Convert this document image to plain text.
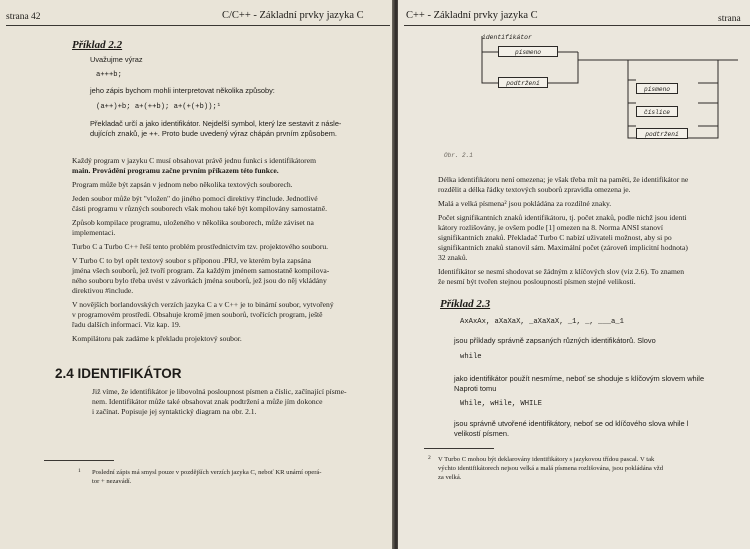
strana 42	C/C++ - Základní prvky jazyka C
Příklad 2.2
Uvažujme výraz
a+++b;
jeho zápis bychom mohli interpretovat několika způsoby:
(a++)+b; a+(++b); a+(+(+b));¹
Překladač určí a jako identifikátor. Nejdelší symbol, který lze sestavit z násle-
dujících znaků, je ++. Proto bude uvedený výraz chápán prvním způsobem.
Každý program v jazyku C musí obsahovat právě jednu funkci s identifikátorem
main. Provádění programu začne prvním příkazem této funkce.
Program může být zapsán v jednom nebo několika textových souborech.
Jeden soubor může být "vložen" do jiného pomocí direktivy #include. Jednotlivé
části programu v různých souborech však mohou také být kompilovány samostatně.
Způsob kompilace programu, uloženého v několika souborech, může záviset na
implementaci.
Turbo C a Turbo C++ řeší tento problém prostřednictvím tzv. projektového souboru.
V Turbo C to byl opět textový soubor s příponou .PRJ, ve kterém byla zapsána
jména všech souborů, jež tvoří program. Za každým jménem samostatně kompilova-
ného souboru bylo třeba uvést v závorkách jména souborů, jež jsou do něj vkládány
direktivou #include.
V novějších borlandovských verzích jazyka C a v C++ je to binární soubor, vytvořený
v programovém prostředí. Obsahuje kromě jmen souborů, tvořících program, ještě
řadu dalších informací. Viz kap. 19.
Kompilátoru pak zadáme k překladu projektový soubor.
2.4 IDENTIFIKÁTOR
Již víme, že identifikátor je libovolná posloupnost písmen a číslic, začínající písme-
nem. Identifikátor může také obsahovat znak podtržení a může jím dokonce
i začínat. Popisuje jej syntaktický diagram na obr. 2.1.
1 Poslední zápis má smysl pouze v pozdějších verzích jazyka C, neboť KR unární operá-
tor + nezavádí.
C++ - Základní prvky jazyka C	strana
identifikátor
písmeno
podtržení
písmeno
číslice
podtržení
Obr. 2.1
Délka identifikátoru není omezena; je však třeba mít na paměti, že identifikátor ne
rozdělit a délka řádky textových souborů zpravidla omezena je.
Malá a velká písmena² jsou pokládána za rozdílné znaky.
Počet signifikantních znaků identifikátoru, tj. počet znaků, podle nichž jsou identi
kátory rozlišovány, je ovšem podle [1] omezen na 8. Norma ANSI stanoví
signifikantních znaků. Překladač Turbo C nabízí uživateli možnost, aby si po
signifikantních znaků stanovil sám. Maximální počet (zároveň implicitní hodnota)
32 znaků.
Identifikátor se nesmí shodovat se žádným z klíčových slov (viz 2.6). To znamen
že nesmí být tvořen stejnou posloupností písmen stejné velikosti.
Příklad 2.3
AxAxAx, aXaXaX, _aXaXaX, _1, _, ___a_1
jsou příklady správně zapsaných různých identifikátorů. Slovo
while
jako identifikátor použít nesmíme, neboť se shoduje s klíčovým slovem while
Naproti tomu
While, wHile, WHILE
jsou správně utvořené identifikátory, neboť se od klíčového slova while l
velikostí písmen.
2 V Turbo C mohou být deklarovány identifikátory s jazykovou třídou pascal. V tak
výchto identifikátorech nejsou velká a malá písmena rozlišována, jsou pokládána vžd
za velká.
